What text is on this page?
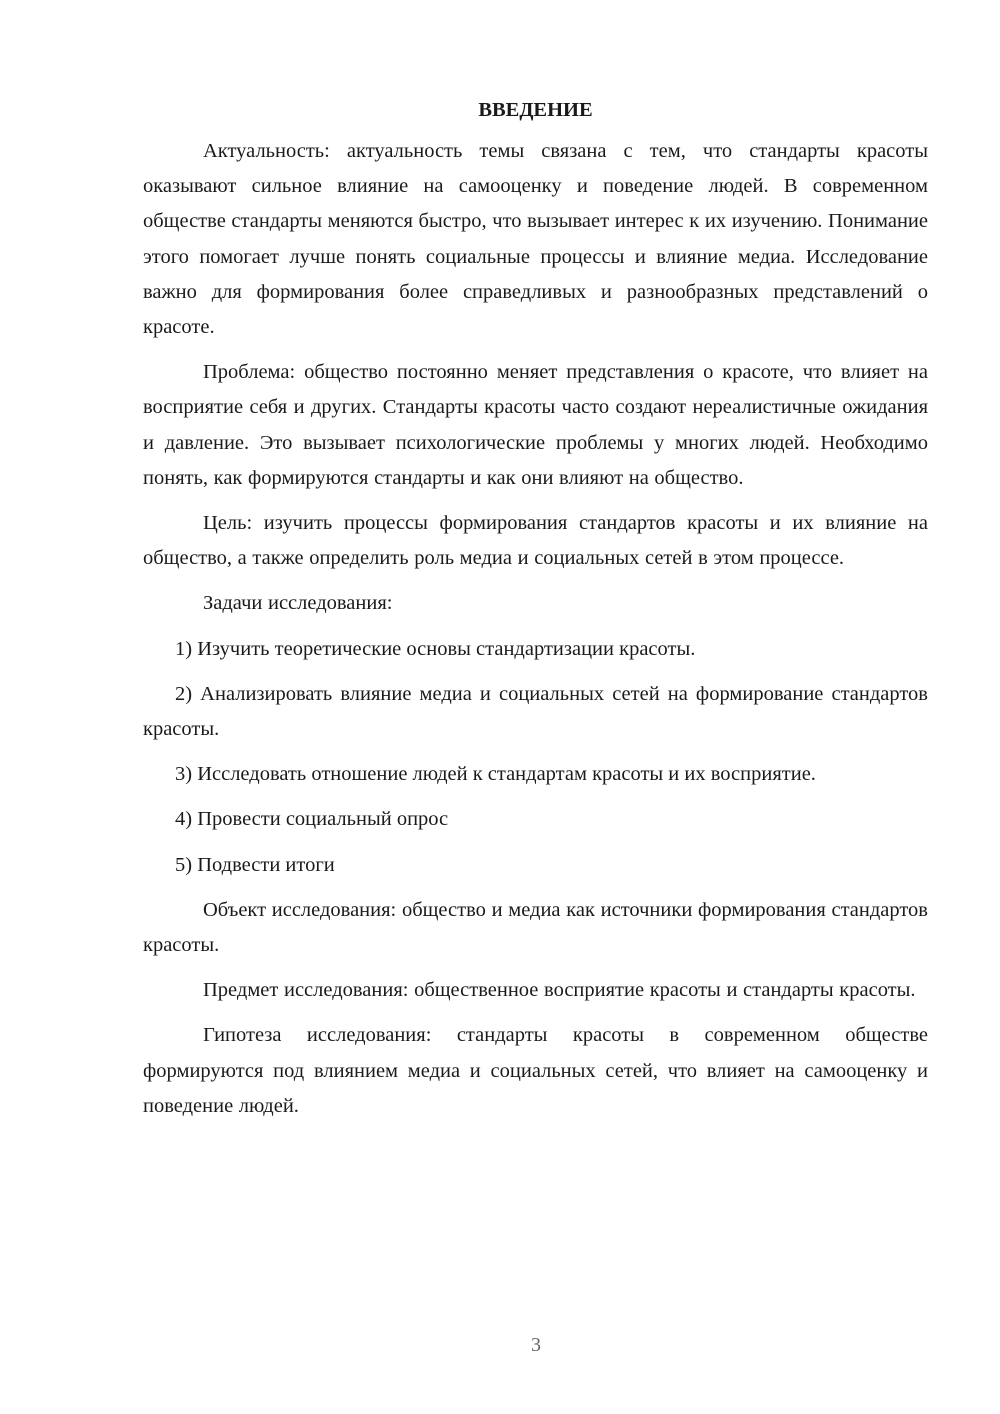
ВВЕДЕНИЕ

Актуальность: актуальность темы связана с тем, что стандарты красоты оказывают сильное влияние на самооценку и поведение людей. В современном обществе стандарты меняются быстро, что вызывает интерес к их изучению. Понимание этого помогает лучше понять социальные процессы и влияние медиа. Исследование важно для формирования более справедливых и разнообразных представлений о красоте.

Проблема: общество постоянно меняет представления о красоте, что влияет на восприятие себя и других. Стандарты красоты часто создают нереалистичные ожидания и давление. Это вызывает психологические проблемы у многих людей. Необходимо понять, как формируются стандарты и как они влияют на общество.

Цель: изучить процессы формирования стандартов красоты и их влияние на общество, а также определить роль медиа и социальных сетей в этом процессе.

Задачи исследования:

1) Изучить теоретические основы стандартизации красоты.

2) Анализировать влияние медиа и социальных сетей на формирование стандартов красоты.

3) Исследовать отношение людей к стандартам красоты и их восприятие.

4) Провести социальный опрос

5) Подвести итоги

Объект исследования: общество и медиа как источники формирования стандартов красоты.

Предмет исследования: общественное восприятие красоты и стандарты красоты.

Гипотеза исследования: стандарты красоты в современном обществе формируются под влиянием медиа и социальных сетей, что влияет на самооценку и поведение людей.

3
